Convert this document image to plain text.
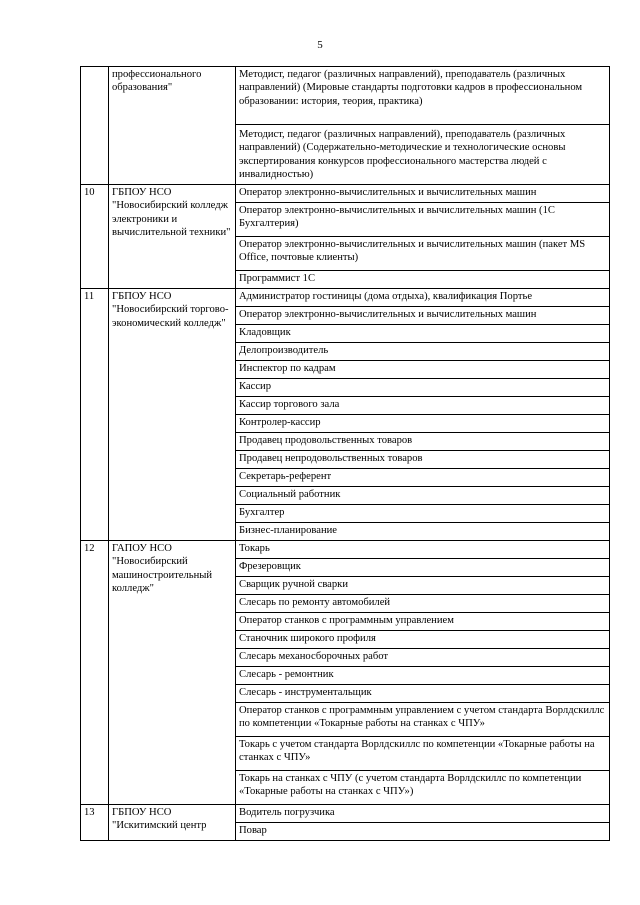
5
	профессионального образования"	Методист, педагог (различных направлений), преподаватель (различных направлений) (Мировые стандарты подготовки кадров в профессиональном образовании: история, теория, практика)
		Методист, педагог (различных направлений), преподаватель (различных направлений) (Содержательно-методические и технологические основы экспертирования конкурсов профессионального мастерства людей с инвалидностью)
10	ГБПОУ НСО "Новосибирский колледж электроники и вычислительной техники"	Оператор электронно-вычислительных и вычислительных машин
		Оператор электронно-вычислительных и вычислительных машин (1С Бухгалтерия)
		Оператор электронно-вычислительных и вычислительных машин (пакет MS Office, почтовые клиенты)
		Программист 1С
11	ГБПОУ НСО "Новосибирский торгово-экономический колледж"	Администратор гостиницы (дома отдыха), квалификация Портье
		Оператор электронно-вычислительных и вычислительных машин
		Кладовщик
		Делопроизводитель
		Инспектор по кадрам
		Кассир
		Кассир торгового зала
		Контролер-кассир
		Продавец продовольственных товаров
		Продавец непродовольственных товаров
		Секретарь-референт
		Социальный работник
		Бухгалтер
		Бизнес-планирование
12	ГАПОУ НСО "Новосибирский машиностроительный колледж"	Токарь
		Фрезеровщик
		Сварщик ручной сварки
		Слесарь по ремонту автомобилей
		Оператор станков с программным управлением
		Станочник широкого профиля
		Слесарь механосборочных работ
		Слесарь - ремонтник
		Слесарь - инструментальщик
		Оператор станков с программным управлением с учетом стандарта Ворлдскиллс по компетенции «Токарные работы на станках с ЧПУ»
		Токарь с учетом стандарта Ворлдскиллс по компетенции «Токарные работы на станках с ЧПУ»
		Токарь на станках с ЧПУ (с учетом стандарта Ворлдскиллс по компетенции «Токарные работы на станках с ЧПУ»)
13	ГБПОУ НСО "Искитимский центр	Водитель погрузчика
		Повар
